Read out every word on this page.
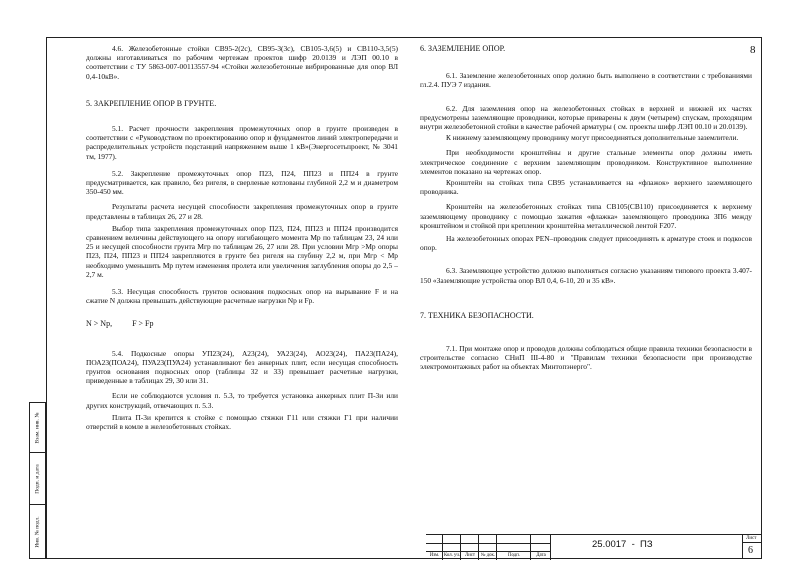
8

4.6. Железобетонные стойки СВ95-2(2с), СВ95-3(3с), СВ105-3,6(5) и СВ110-3,5(5) должны изготавливаться по рабочим чертежам проектов шифр 20.0139 и ЛЭП 00.10 в соответствии с ТУ 5863-007-00113557-94 «Стойки железобетонные вибрированные для опор ВЛ 0,4-10кВ».

5. ЗАКРЕПЛЕНИЕ ОПОР В ГРУНТЕ.

5.1. Расчет прочности закрепления промежуточных опор в грунте произведен в соответствии с «Руководством по проектированию опор и фундаментов линий электропередачи и распределительных устройств подстанций напряжением выше 1 кВ»(Энергосетьпроект, № 3041 тм, 1977).

5.2. Закрепление промежуточных опор П23, П24, ПП23 и ПП24 в грунте предусматривается, как правило, без ригеля, в сверленые котлованы глубиной 2,2 м и диаметром 350-450 мм.

Результаты расчета несущей способности закрепления промежуточных опор в грунте представлены в таблицах 26, 27 и 28.

Выбор типа закрепления промежуточных опор П23, П24, ПП23 и ПП24 производится сравнением величины действующего на опору изгибающего момента Мр по таблицам 23, 24 или 25 и несущей способности грунта Мгр по таблицам 26, 27 или 28. При условии Мгр >Мр опоры П23, П24, ПП23 и ПП24 закрепляются в грунте без ригеля на глубину 2,2 м, при Мгр < Мр необходимо уменьшить Мр путем изменения пролета или увеличения заглубления опоры до 2,5 – 2,7 м.

5.3. Несущая способность грунтов основания подкосных опор на вырывание F и на сжатие N должна превышать действующие расчетные нагрузки Nр и Fр.

N > Nр,          F > Fр

5.4. Подкосные опоры УП23(24), А23(24), УА23(24), АО23(24), ПА23(ПА24), ПОА23(ПОА24), ПУА23(ПУА24) устанавливают без анкерных плит, если несущая способность грунтов основания подкосных опор (таблицы 32 и 33) превышает расчетные нагрузки, приведенные в таблицах 29, 30 или 31.

Если не соблюдаются условия п. 5.3, то требуется установка анкерных плит П-3и или других конструкций, отвечающих п. 5.3.

Плита П-3и крепится к стойке с помощью стяжки Г11 или стяжки Г1 при наличии отверстий в комле в железобетонных стойках.

6. ЗАЗЕМЛЕНИЕ ОПОР.

6.1. Заземление железобетонных опор должно быть выполнено в соответствии с требованиями гл.2.4. ПУЭ 7 издания.

6.2. Для заземления опор на железобетонных стойках в верхней и нижней их частях предусмотрены заземляющие проводники, которые приварены к двум (четырем) спускам, проходящим внутри железобетонной стойки в качестве рабочей арматуры ( см. проекты шифр ЛЭП 00.10 и 20.0139).

К нижнему заземляющему проводнику могут присоединяться дополнительные заземлители.

При необходимости кронштейны и другие стальные элементы опор должны иметь электрическое соединение с верхним заземляющим проводником. Конструктивное выполнение элементов показано на чертежах опор.

Кронштейн на стойках типа СВ95 устанавливается на «флажок» верхнего заземляющего проводника.

Кронштейн на железобетонных стойках типа СВ105(СВ110) присоединяется к верхнему заземляющему проводнику с помощью зажатия «флажка» заземляющего проводника ЗП6 между кронштейном и стойкой при креплении кронштейна металлической лентой F207.

На железобетонных опорах PEN–проводник следует присоединять к арматуре стоек и подкосов опор.

6.3. Заземляющее устройство должно выполняться согласно указаниям типового проекта 3.407-150 «Заземляющие устройства опор ВЛ 0,4, 6-10, 20 и 35 кВ».

7. ТЕХНИКА БЕЗОПАСНОСТИ.

7.1. При монтаже опор и проводов должны соблюдаться общие правила техники безопасности в строительстве согласно СНиП III-4-80 и "Правилам техники безопасности при производстве электромонтажных работ на объектах Минтопэнерго".

Взам. инв. №
Подп. и дата
Инв. № подл.
Изм. Кол. уч.	Лист	№ док.	Подп.	Дата
25.0017  -  ПЗ
Лист
6
